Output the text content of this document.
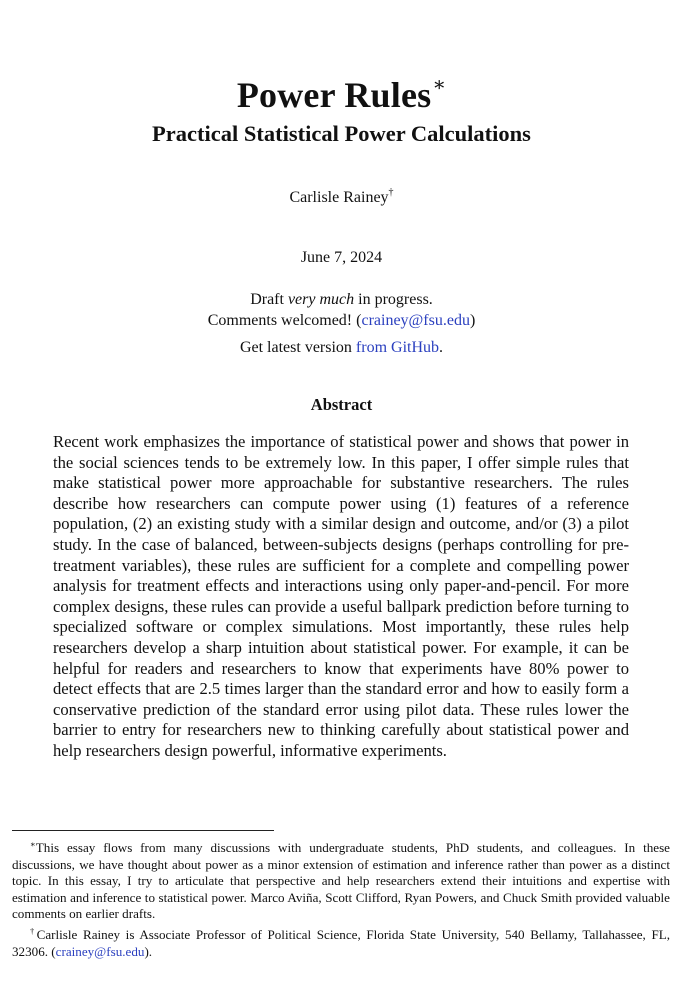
Power Rules∗
Practical Statistical Power Calculations
Carlisle Rainey†
June 7, 2024
Draft very much in progress.
Comments welcomed! (crainey@fsu.edu)
Get latest version from GitHub.
Abstract
Recent work emphasizes the importance of statistical power and shows that power in the social sciences tends to be extremely low. In this paper, I offer simple rules that make statistical power more approachable for substantive researchers. The rules describe how researchers can compute power using (1) features of a reference population, (2) an existing study with a similar design and outcome, and/or (3) a pilot study. In the case of balanced, between-subjects designs (perhaps controlling for pre-treatment variables), these rules are sufficient for a complete and compelling power analysis for treatment effects and interactions using only paper-and-pencil. For more complex designs, these rules can provide a useful ballpark prediction before turning to specialized software or complex simulations. Most importantly, these rules help researchers develop a sharp intuition about statistical power. For example, it can be helpful for readers and researchers to know that experiments have 80% power to detect effects that are 2.5 times larger than the standard error and how to easily form a conservative prediction of the standard error using pilot data. These rules lower the barrier to entry for researchers new to thinking carefully about statistical power and help researchers design powerful, informative experiments.

∗This essay flows from many discussions with undergraduate students, PhD students, and colleagues. In these discussions, we have thought about power as a minor extension of estimation and inference rather than power as a distinct topic. In this essay, I try to articulate that perspective and help researchers extend their intuitions and expertise with estimation and inference to statistical power. Marco Aviña, Scott Clifford, Ryan Powers, and Chuck Smith provided valuable comments on earlier drafts.

†Carlisle Rainey is Associate Professor of Political Science, Florida State University, 540 Bellamy, Tallahassee, FL, 32306. (crainey@fsu.edu).
